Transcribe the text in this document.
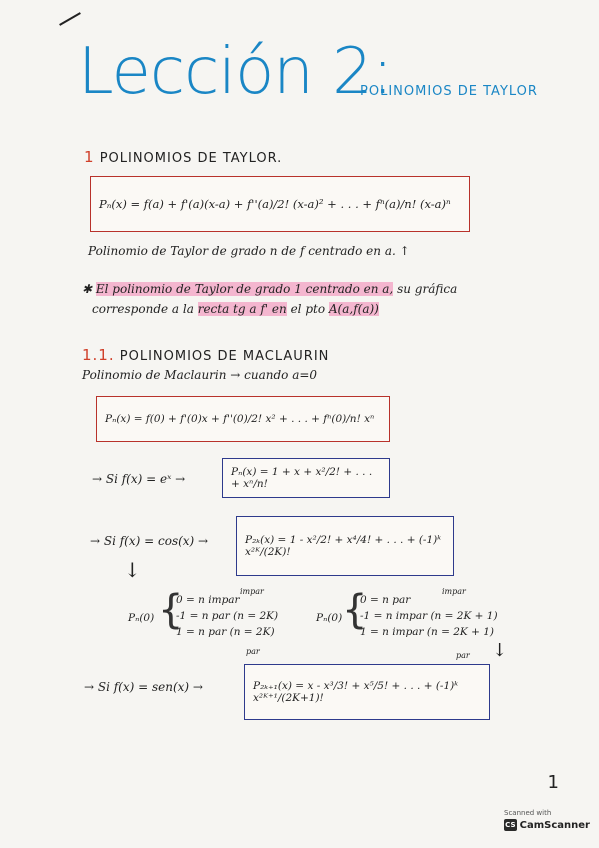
Lección 2:
POLINOMIOS DE TAYLOR
1 POLINOMIOS DE TAYLOR.
Pₙ(x) = f(a) + f'(a)(x-a) + f''(a)/2! (x-a)² + . . . + fⁿ(a)/n! (x-a)ⁿ
Polinomio de Taylor de grado n de f centrado en a. ↑
✱ El polinomio de Taylor de grado 1 centrado en a, su gráfica
corresponde a la recta tg a f' en el pto A(a,f(a))
1.1. POLINOMIOS DE MACLAURIN
Polinomio de Maclaurin → cuando a=0
Pₙ(x) = f(0) + f'(0)x + f''(0)/2! x² + . . . + fⁿ(0)/n! xⁿ
→ Si f(x) = eˣ →	Pₙ(x) = 1 + x + x²/2! + . . . + xⁿ/n!
→ Si f(x) = cos(x) →	P₂ₖ(x) = 1 - x²/2! + x⁴/4! + . . . + (-1)ᵏ x²ᴷ/(2K)!
↓
Pₙ(0) {
0 = n impar
-1 = n par (n = 2K)
1 = n par (n = 2K)
impar
par
Pₙ(0) {
0 = n par
-1 = n impar (n = 2K + 1)
1 = n impar (n = 2K + 1)
impar
par ↓
→ Si f(x) = sen(x) →	P₂ₖ₊₁(x) = x - x³/3! + x⁵/5! + . . . + (-1)ᵏ x²ᴷ⁺¹/(2K+1)!
1
Scanned with
CS CamScanner
